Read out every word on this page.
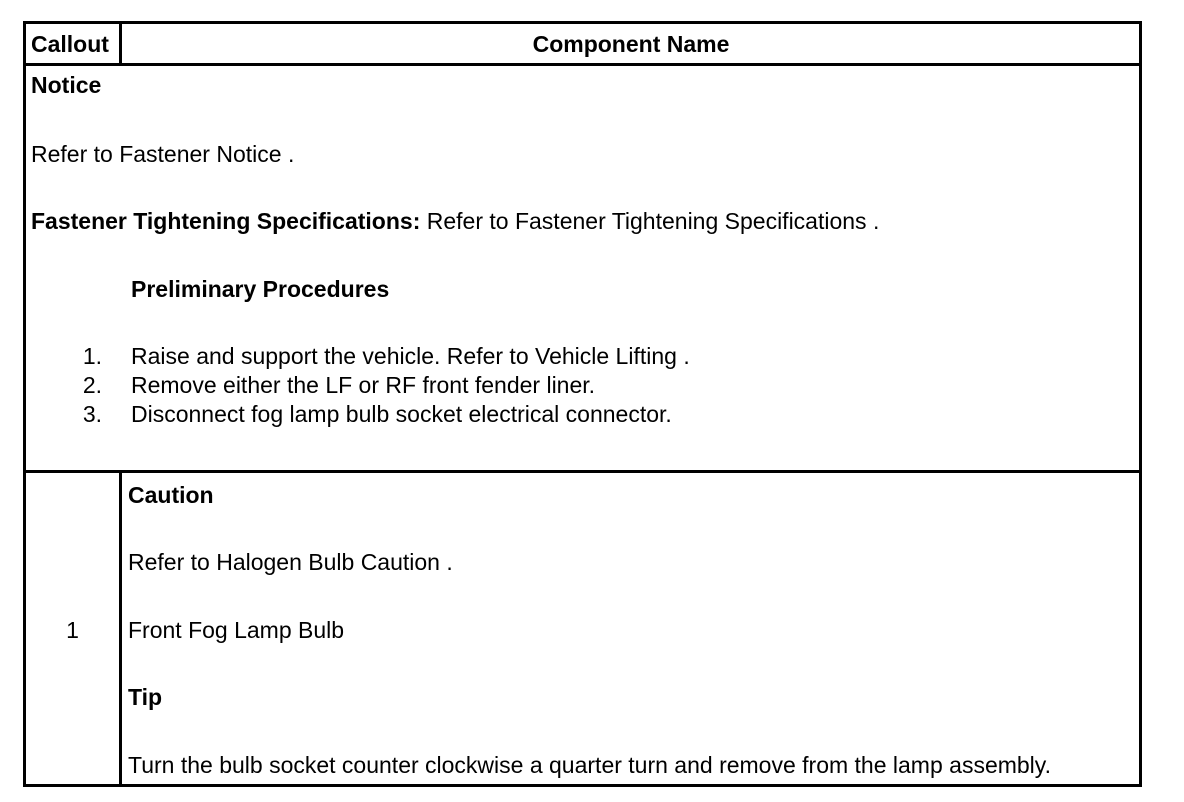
Callout	Component Name
Notice
Refer to Fastener Notice .
Fastener Tightening Specifications: Refer to Fastener Tightening Specifications .
Preliminary Procedures
1. Raise and support the vehicle. Refer to Vehicle Lifting .
2. Remove either the LF or RF front fender liner.
3. Disconnect fog lamp bulb socket electrical connector.
1
Caution
Refer to Halogen Bulb Caution .
Front Fog Lamp Bulb
Tip
Turn the bulb socket counter clockwise a quarter turn and remove from the lamp assembly.
